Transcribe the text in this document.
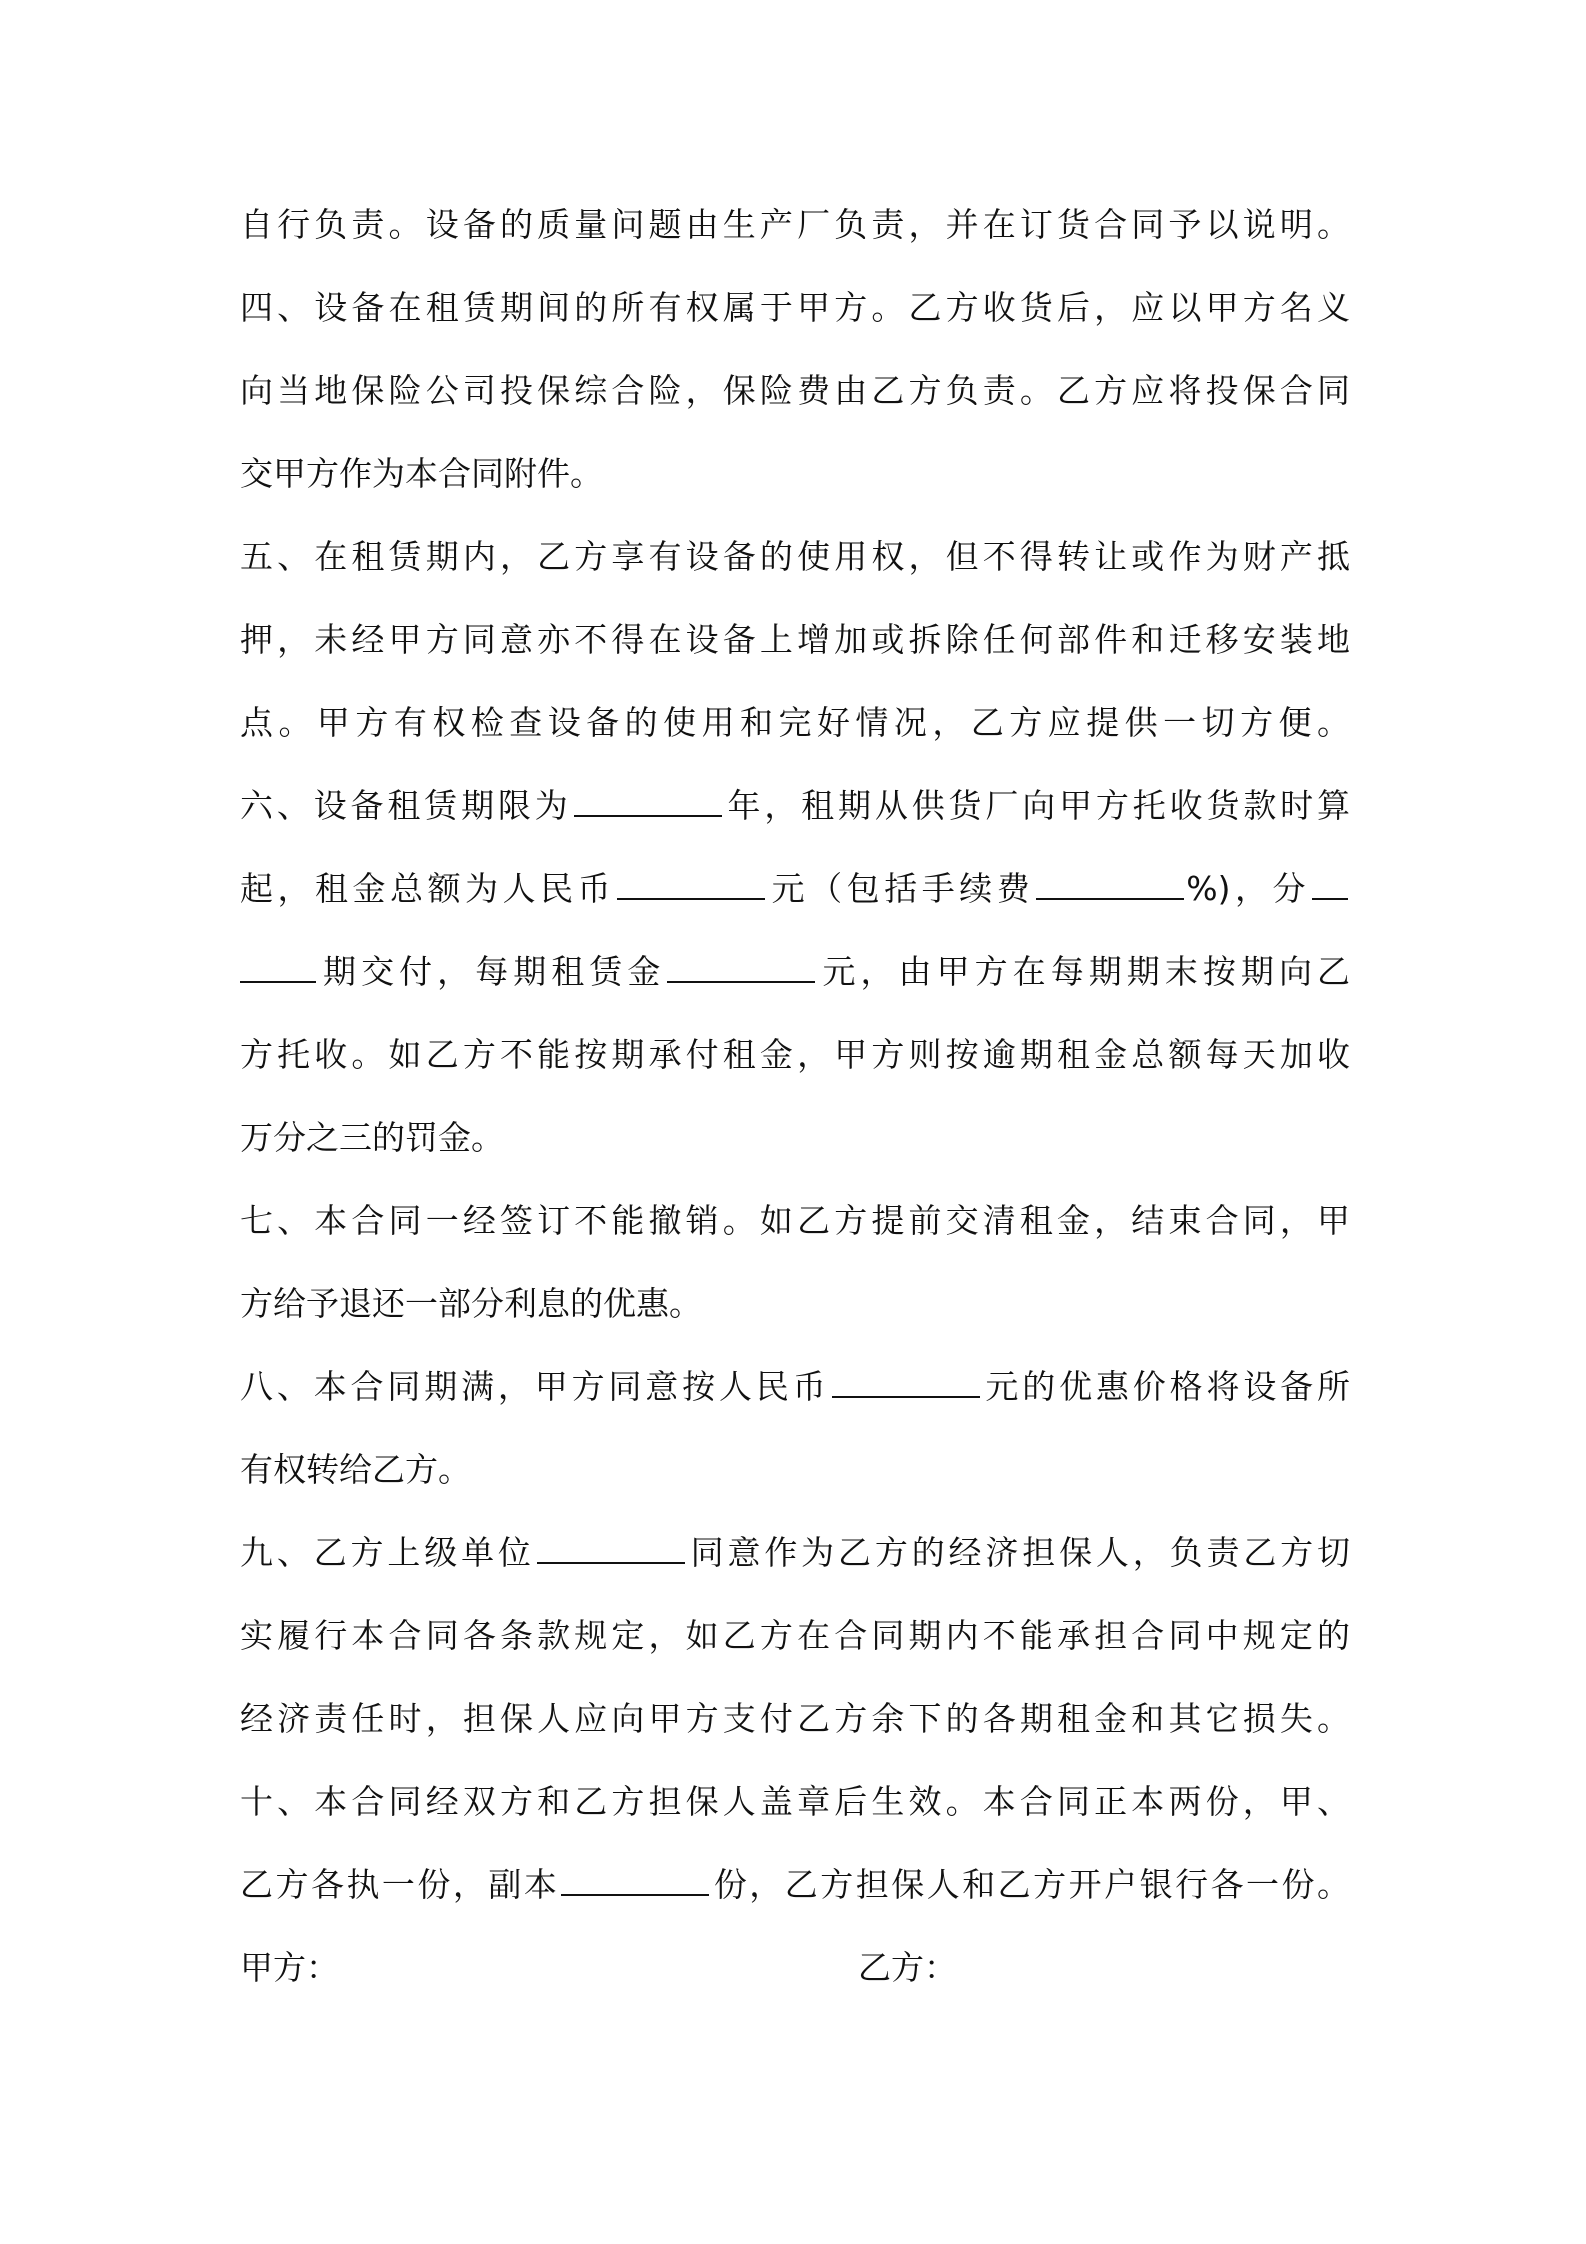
自行负责。设备的质量问题由生产厂负责，并在订货合同予以说明。
四、设备在租赁期间的所有权属于甲方。乙方收货后，应以甲方名义
向当地保险公司投保综合险，保险费由乙方负责。乙方应将投保合同
交甲方作为本合同附件。
五、在租赁期内，乙方享有设备的使用权，但不得转让或作为财产抵
押，未经甲方同意亦不得在设备上增加或拆除任何部件和迁移安装地
点。甲方有权检查设备的使用和完好情况，乙方应提供一切方便。
六、设备租赁期限为	年，租期从供货厂向甲方托收货款时算
起，租金总额为人民币	元（包括手续费	%)，分
期交付，每期租赁金	元，由甲方在每期期末按期向乙
方托收。如乙方不能按期承付租金，甲方则按逾期租金总额每天加收
万分之三的罚金。
七、本合同一经签订不能撤销。如乙方提前交清租金，结束合同，甲
方给予退还一部分利息的优惠。
八、本合同期满，甲方同意按人民币	元的优惠价格将设备所
有权转给乙方。
九、乙方上级单位	同意作为乙方的经济担保人，负责乙方切
实履行本合同各条款规定，如乙方在合同期内不能承担合同中规定的
经济责任时，担保人应向甲方支付乙方余下的各期租金和其它损失。
十、本合同经双方和乙方担保人盖章后生效。本合同正本两份，甲、
乙方各执一份，副本	份，乙方担保人和乙方开户银行各一份。
甲方：	乙方：
